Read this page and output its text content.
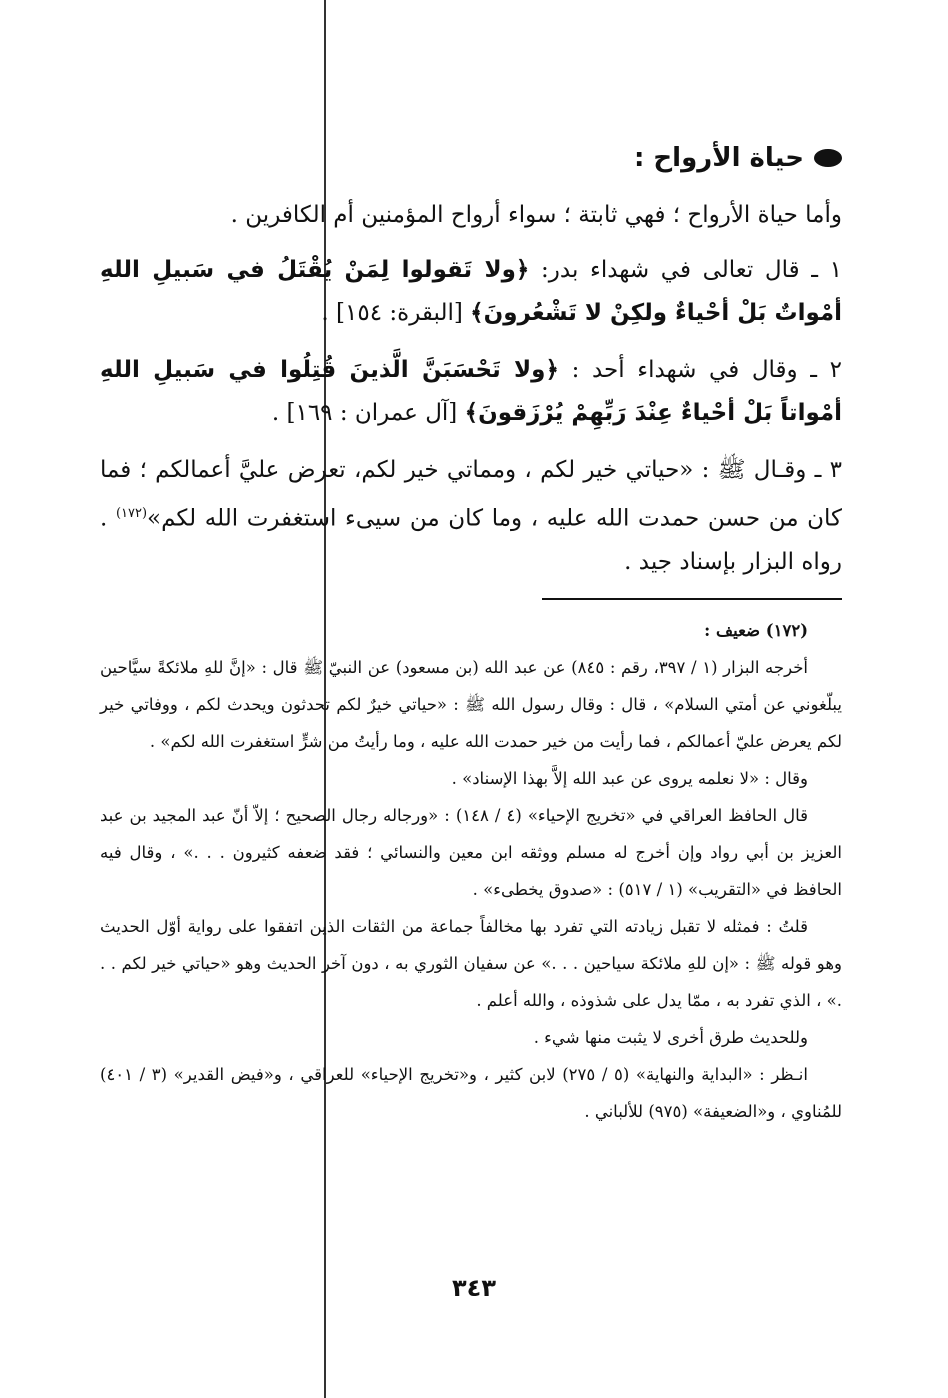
حياة الأرواح :

وأما حياة الأرواح ؛ فهي ثابتة ؛ سواء أرواح المؤمنين أم الكافرين .

١ ـ قال تعالى في شهداء بدر: ﴿ولا تَقولوا لِمَنْ يُقْتَلُ في سَبيلِ اللهِ أمْواتٌ بَلْ أحْياءٌ ولكِنْ لا تَشْعُرونَ﴾ [البقرة: ١٥٤] .

٢ ـ وقال في شهداء أحد : ﴿ولا تَحْسَبَنَّ الَّذينَ قُتِلُوا في سَبيلِ اللهِ أمْواتاً بَلْ أحْياءٌ عِنْدَ رَبِّهِمْ يُرْزَقونَ﴾ [آل عمران : ١٦٩] .

٣ ـ وقـال ﷺ : «حياتي خير لكم ، ومماتي خير لكم، تعرض عليَّ أعمالكم ؛ فما كان من حسن حمدت الله عليه ، وما كان من سيىء استغفرت الله لكم»$^{(١٧٢)}$ . رواه البزار بإسناد جيد .

(١٧٢) ضعيف :

أخرجه البزار (١ / ٣٩٧، رقم : ٨٤٥) عن عبد الله (بن مسعود) عن النبيّ ﷺ قال : «إنَّ للهِ ملائكةً سيَّاحين يبلّغوني عن أمتي السلام» ، قال : وقال رسول الله ﷺ : «حياتي خيرٌ لكم تحدثون ويحدث لكم ، ووفاتي خير لكم يعرض عليّ أعمالكم ، فما رأيت من خير حمدت الله عليه ، وما رأيتُ من شرٍّ استغفرت الله لكم» .

وقال : «لا نعلمه يروى عن عبد الله إلاَّ بهذا الإسناد» .

قال الحافظ العراقي في «تخريج الإحياء» (٤ / ١٤٨) : «ورجاله رجال الصحيح ؛ إلاّ أنّ عبد المجيد بن عبد العزيز بن أبي رواد وإن أخرج له مسلم ووثقه ابن معين والنسائي ؛ فقد ضعفه كثيرون . . .» ، وقال فيه الحافظ في «التقريب» (١ / ٥١٧) : «صدوق يخطىء» .

قلتُ : فمثله لا تقبل زيادته التي تفرد بها مخالفاً جماعة من الثقات الذين اتفقوا على رواية أوّل الحديث وهو قوله ﷺ : «إن للهِ ملائكة سياحين . . .» عن سفيان الثوري به ، دون آخر الحديث وهو «حياتي خير لكم . . .» ، الذي تفرد به ، ممّا يدل على شذوذه ، والله أعلم .

وللحديث طرق أخرى لا يثبت منها شيء .

انـظر : «البداية والنهاية» (٥ / ٢٧٥) لابن كثير ، و«تخريج الإحياء» للعراقي ، و«فيض القدير» (٣ / ٤٠١) للمُناوي ، و«الضعيفة» (٩٧٥) للألباني .

٣٤٣
